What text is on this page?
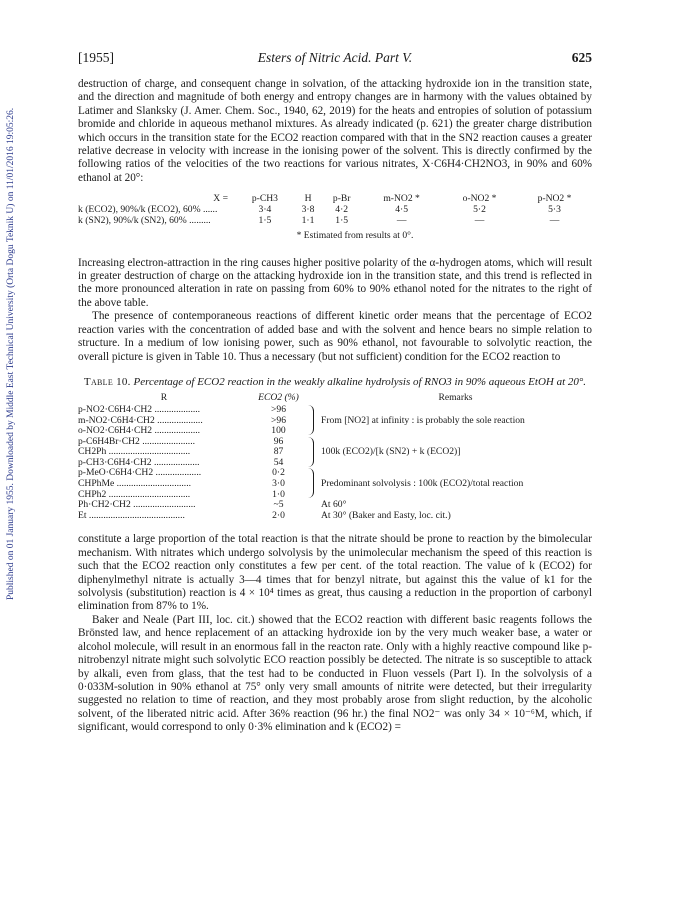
Published on 01 January 1955. Downloaded by Middle East Technical University (Orta Dogu Teknik U) on 11/01/2016 19:05:26.
[1955]	Esters of Nitric Acid. Part V.	625

destruction of charge, and consequent change in solvation, of the attacking hydroxide ion in the transition state, and the direction and magnitude of both energy and entropy changes are in harmony with the values obtained by Latimer and Slanksky (J. Amer. Chem. Soc., 1940, 62, 2019) for the heats and entropies of solution of potassium bromide and chloride in aqueous methanol mixtures. As already indicated (p. 621) the greater charge distribution which occurs in the transition state for the ECO2 reaction compared with that in the SN2 reaction causes a greater relative decrease in velocity with increase in the ionising power of the solvent. This is directly confirmed by the following ratios of the velocities of the two reactions for various nitrates, X·C6H4·CH2NO3, in 90% and 60% ethanol at 20°:

X =	p-CH3	H	p-Br	m-NO2 *	o-NO2 *	p-NO2 *
k (ECO2), 90%/k (ECO2), 60% ......	3·4	3·8	4·2	4·5	5·2	5·3
k (SN2), 90%/k (SN2), 60% .........	1·5	1·1	1·5	—	—	—

* Estimated from results at 0°.

Increasing electron-attraction in the ring causes higher positive polarity of the α-hydrogen atoms, which will result in greater destruction of charge on the attacking hydroxide ion in the transition state, and this trend is reflected in the more pronounced alteration in rate on passing from 60% to 90% ethanol noted for the nitrates to the right of the above table.

The presence of contemporaneous reactions of different kinetic order means that the percentage of ECO2 reaction varies with the concentration of added base and with the solvent and hence bears no simple relation to structure. In a medium of low ionising power, such as 90% ethanol, not favourable to solvolytic reaction, the overall picture is given in Table 10. Thus a necessary (but not sufficient) condition for the ECO2 reaction to

Table 10. Percentage of ECO2 reaction in the weakly alkaline hydrolysis of RNO3 in 90% aqueous EtOH at 20°.
R	ECO2 (%)		Remarks
p-NO2·C6H4·CH2 ...................	>96		From [NO2] at infinity : is probably the sole reaction
m-NO2·C6H4·CH2 ...................	>96		
o-NO2·C6H4·CH2 ...................	100		
p-C6H4Br·CH2 ......................	96		100k (ECO2)/[k (SN2) + k (ECO2)]
CH2Ph ..................................	87		
p-CH3·C6H4·CH2 ...................	54		
p-MeO·C6H4·CH2 ...................	0·2		Predominant solvolysis : 100k (ECO2)/total reaction
CHPhMe ...............................	3·0		
CHPh2 ..................................	1·0		
Ph·CH2·CH2 ..........................	~5		At 60°
Et ........................................	2·0		At 30° (Baker and Easty, loc. cit.)

constitute a large proportion of the total reaction is that the nitrate should be prone to reaction by the bimolecular mechanism. With nitrates which undergo solvolysis by the unimolecular mechanism the speed of this reaction is such that the ECO2 reaction only constitutes a few per cent. of the total reaction. The value of k (ECO2) for diphenylmethyl nitrate is actually 3—4 times that for benzyl nitrate, but against this the value of k1 for the solvolysis (substitution) reaction is 4 × 10⁴ times as great, thus causing a reduction in the proportion of carbonyl elimination from 87% to 1%.

Baker and Neale (Part III, loc. cit.) showed that the ECO2 reaction with different basic reagents follows the Brönsted law, and hence replacement of an attacking hydroxide ion by the very much weaker base, a water or alcohol molecule, will result in an enormous fall in the reacton rate. Only with a highly reactive compound like p-nitrobenzyl nitrate might such solvolytic ECO reaction possibly be detected. The nitrate is so susceptible to attack by alkali, even from glass, that the test had to be conducted in Fluon vessels (Part I). In the solvolysis of a 0·033M-solution in 90% ethanol at 75° only very small amounts of nitrite were detected, but their irregularity suggested no relation to time of reaction, and they most probably arose from slight reduction, by the alcoholic solvent, of the liberated nitric acid. After 36% reaction (96 hr.) the final NO2⁻ was only 34 × 10⁻⁶M, which, if significant, would correspond to only 0·3% elimination and k (ECO2) =
